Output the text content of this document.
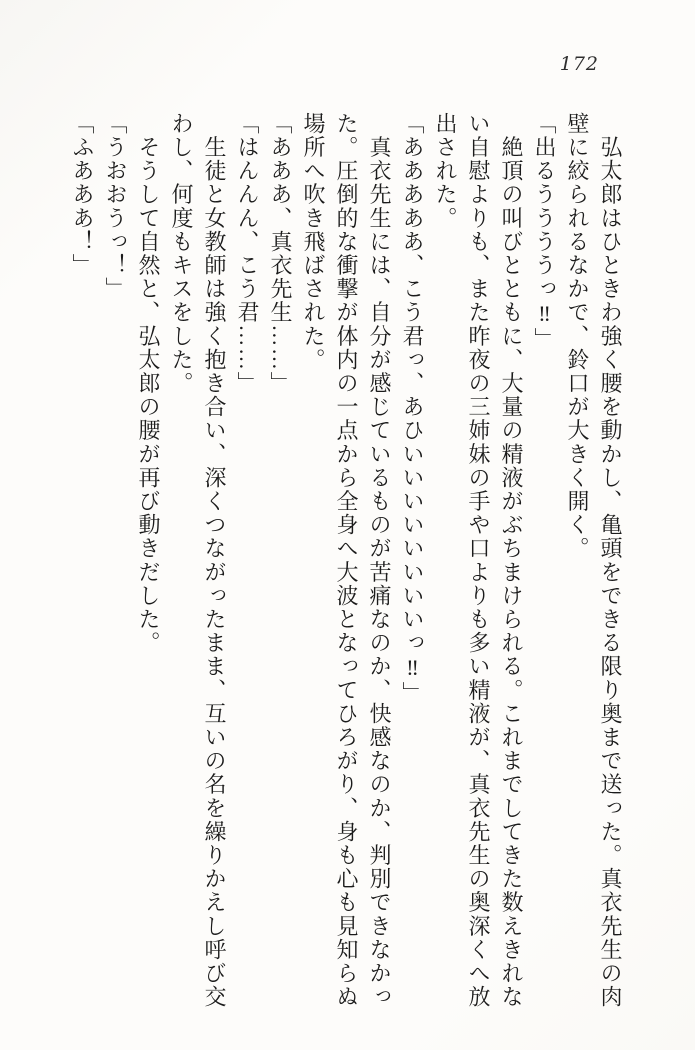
172

　弘太郎はひときわ強く腰を動かし、亀頭をできる限り奥まで送った。真衣先生の肉

壁に絞られるなかで、鈴口が大きく開く。

「出るううううっ‼」

　絶頂の叫びとともに、大量の精液がぶちまけられる。これまでしてきた数えきれな

い自慰よりも、また昨夜の三姉妹の手や口よりも多い精液が、真衣先生の奥深くへ放

出された。

「あああああ、こう君っ、あひいいいいいいいいっ‼」

　真衣先生には、自分が感じているものが苦痛なのか、快感なのか、判別できなかっ

た。圧倒的な衝撃が体内の一点から全身へ大波となってひろがり、身も心も見知らぬ

場所へ吹き飛ばされた。

「あああ、真衣先生……」

「はんんん、こう君……」

　生徒と女教師は強く抱き合い、深くつながったまま、互いの名を繰りかえし呼び交

わし、何度もキスをした。

　そうして自然と、弘太郎の腰が再び動きだした。

「うおおうっ！」

「ふあああ！」
